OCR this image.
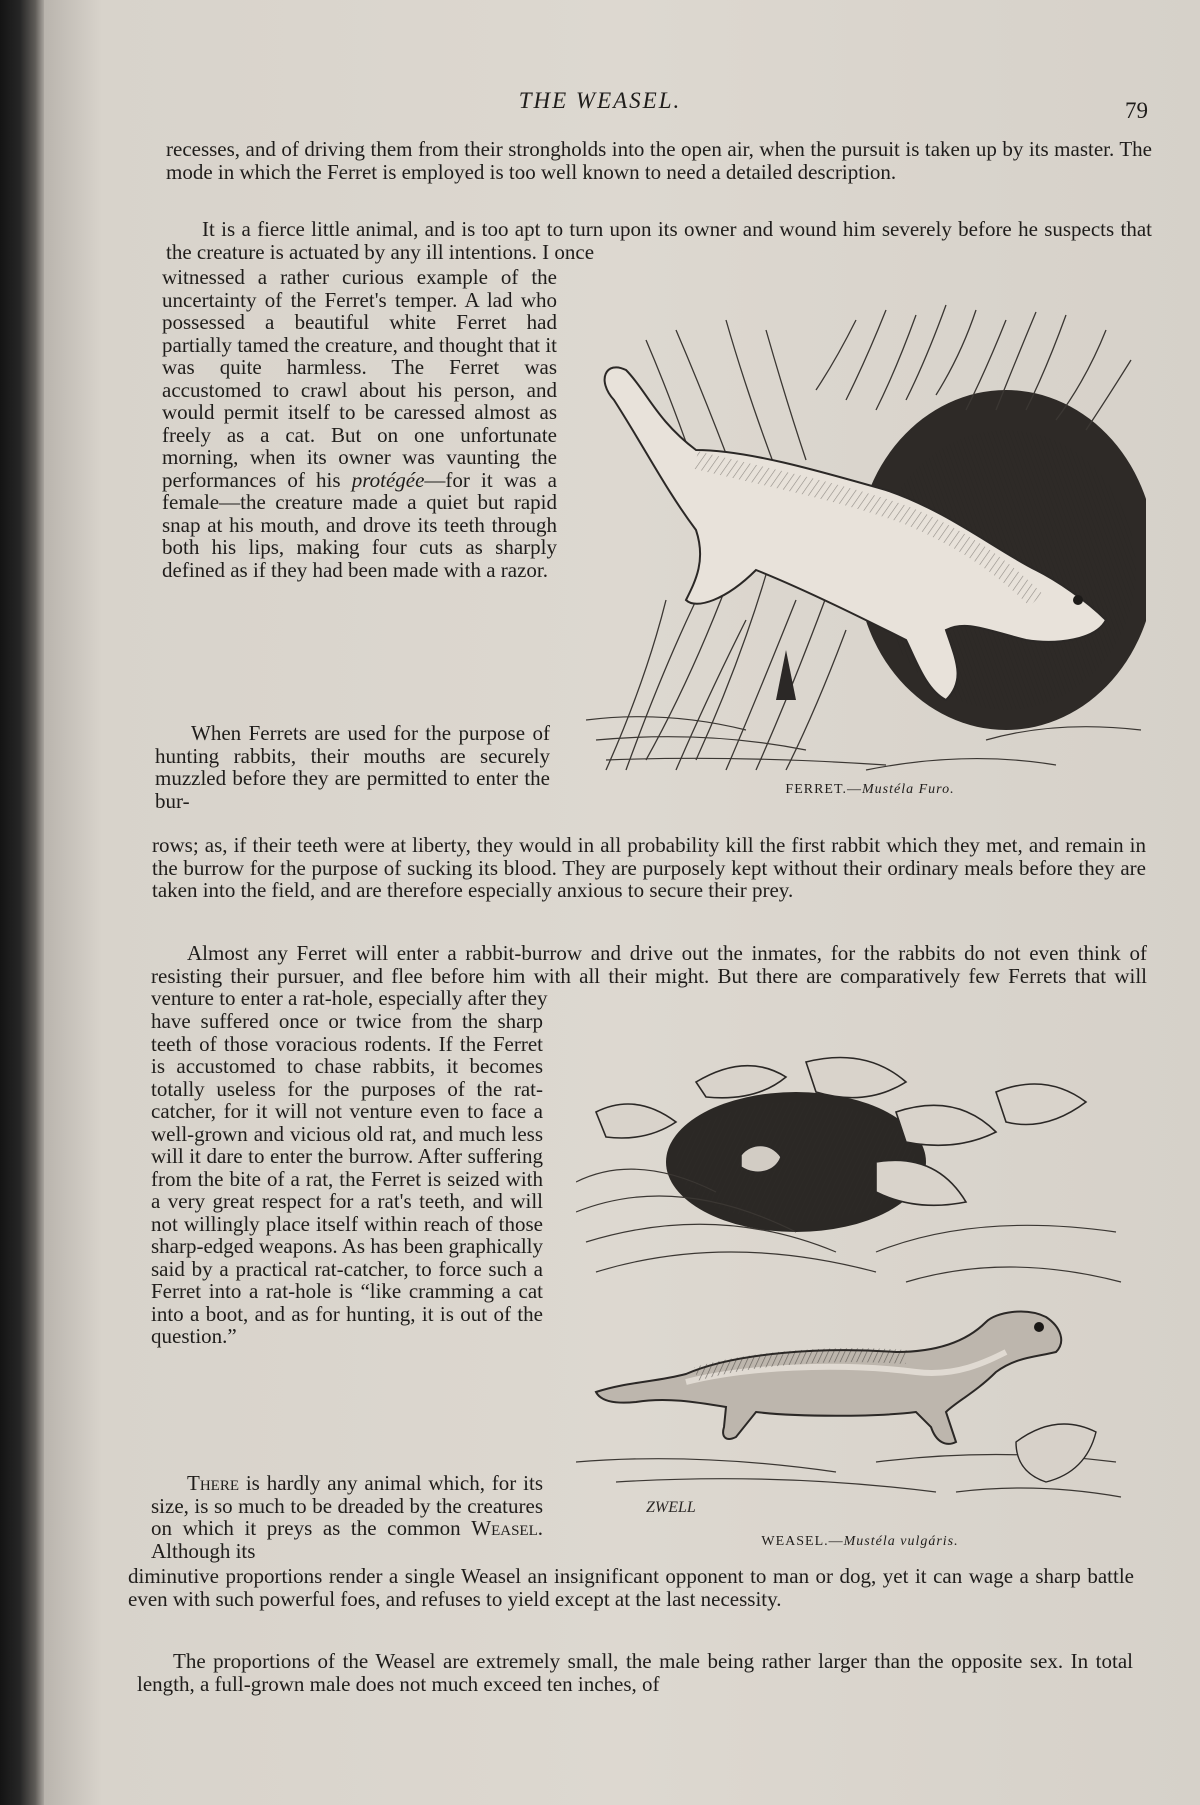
THE WEASEL.	79

recesses, and of driving them from their strongholds into the open air, when the pursuit is taken up by its master. The mode in which the Ferret is employed is too well known to need a detailed description.

It is a fierce little animal, and is too apt to turn upon its owner and wound him severely before he suspects that the creature is actuated by any ill intentions. I once

witnessed a rather curious example of the uncertainty of the Ferret's temper. A lad who possessed a beautiful white Ferret had partially tamed the creature, and thought that it was quite harmless. The Ferret was accustomed to crawl about his person, and would permit itself to be caressed almost as freely as a cat. But on one unfortunate morning, when its owner was vaunting the performances of his protégée—for it was a female—the creature made a quiet but rapid snap at his mouth, and drove its teeth through both his lips, making four cuts as sharply defined as if they had been made with a razor.

When Ferrets are used for the purpose of hunting rabbits, their mouths are securely muzzled before they are permitted to enter the bur-

rows; as, if their teeth were at liberty, they would in all probability kill the first rabbit which they met, and remain in the burrow for the purpose of sucking its blood. They are purposely kept without their ordinary meals before they are taken into the field, and are therefore especially anxious to secure their prey.

Almost any Ferret will enter a rabbit-burrow and drive out the inmates, for the rabbits do not even think of resisting their pursuer, and flee before him with all their might. But there are comparatively few Ferrets that will venture to enter a rat-hole, especially after they

have suffered once or twice from the sharp teeth of those voracious rodents. If the Ferret is accustomed to chase rabbits, it becomes totally useless for the purposes of the rat-catcher, for it will not venture even to face a well-grown and vicious old rat, and much less will it dare to enter the burrow. After suffering from the bite of a rat, the Ferret is seized with a very great respect for a rat's teeth, and will not willingly place itself within reach of those sharp-edged weapons. As has been graphically said by a practical rat-catcher, to force such a Ferret into a rat-hole is “like cramming a cat into a boot, and as for hunting, it is out of the question.”

There is hardly any animal which, for its size, is so much to be dreaded by the creatures on which it preys as the common Weasel. Although its

diminutive proportions render a single Weasel an insignificant opponent to man or dog, yet it can wage a sharp battle even with such powerful foes, and refuses to yield except at the last necessity.

The proportions of the Weasel are extremely small, the male being rather larger than the opposite sex. In total length, a full-grown male does not much exceed ten inches, of

FERRET.—Mustéla Furo.
ZWELL
WEASEL.—Mustéla vulgáris.
